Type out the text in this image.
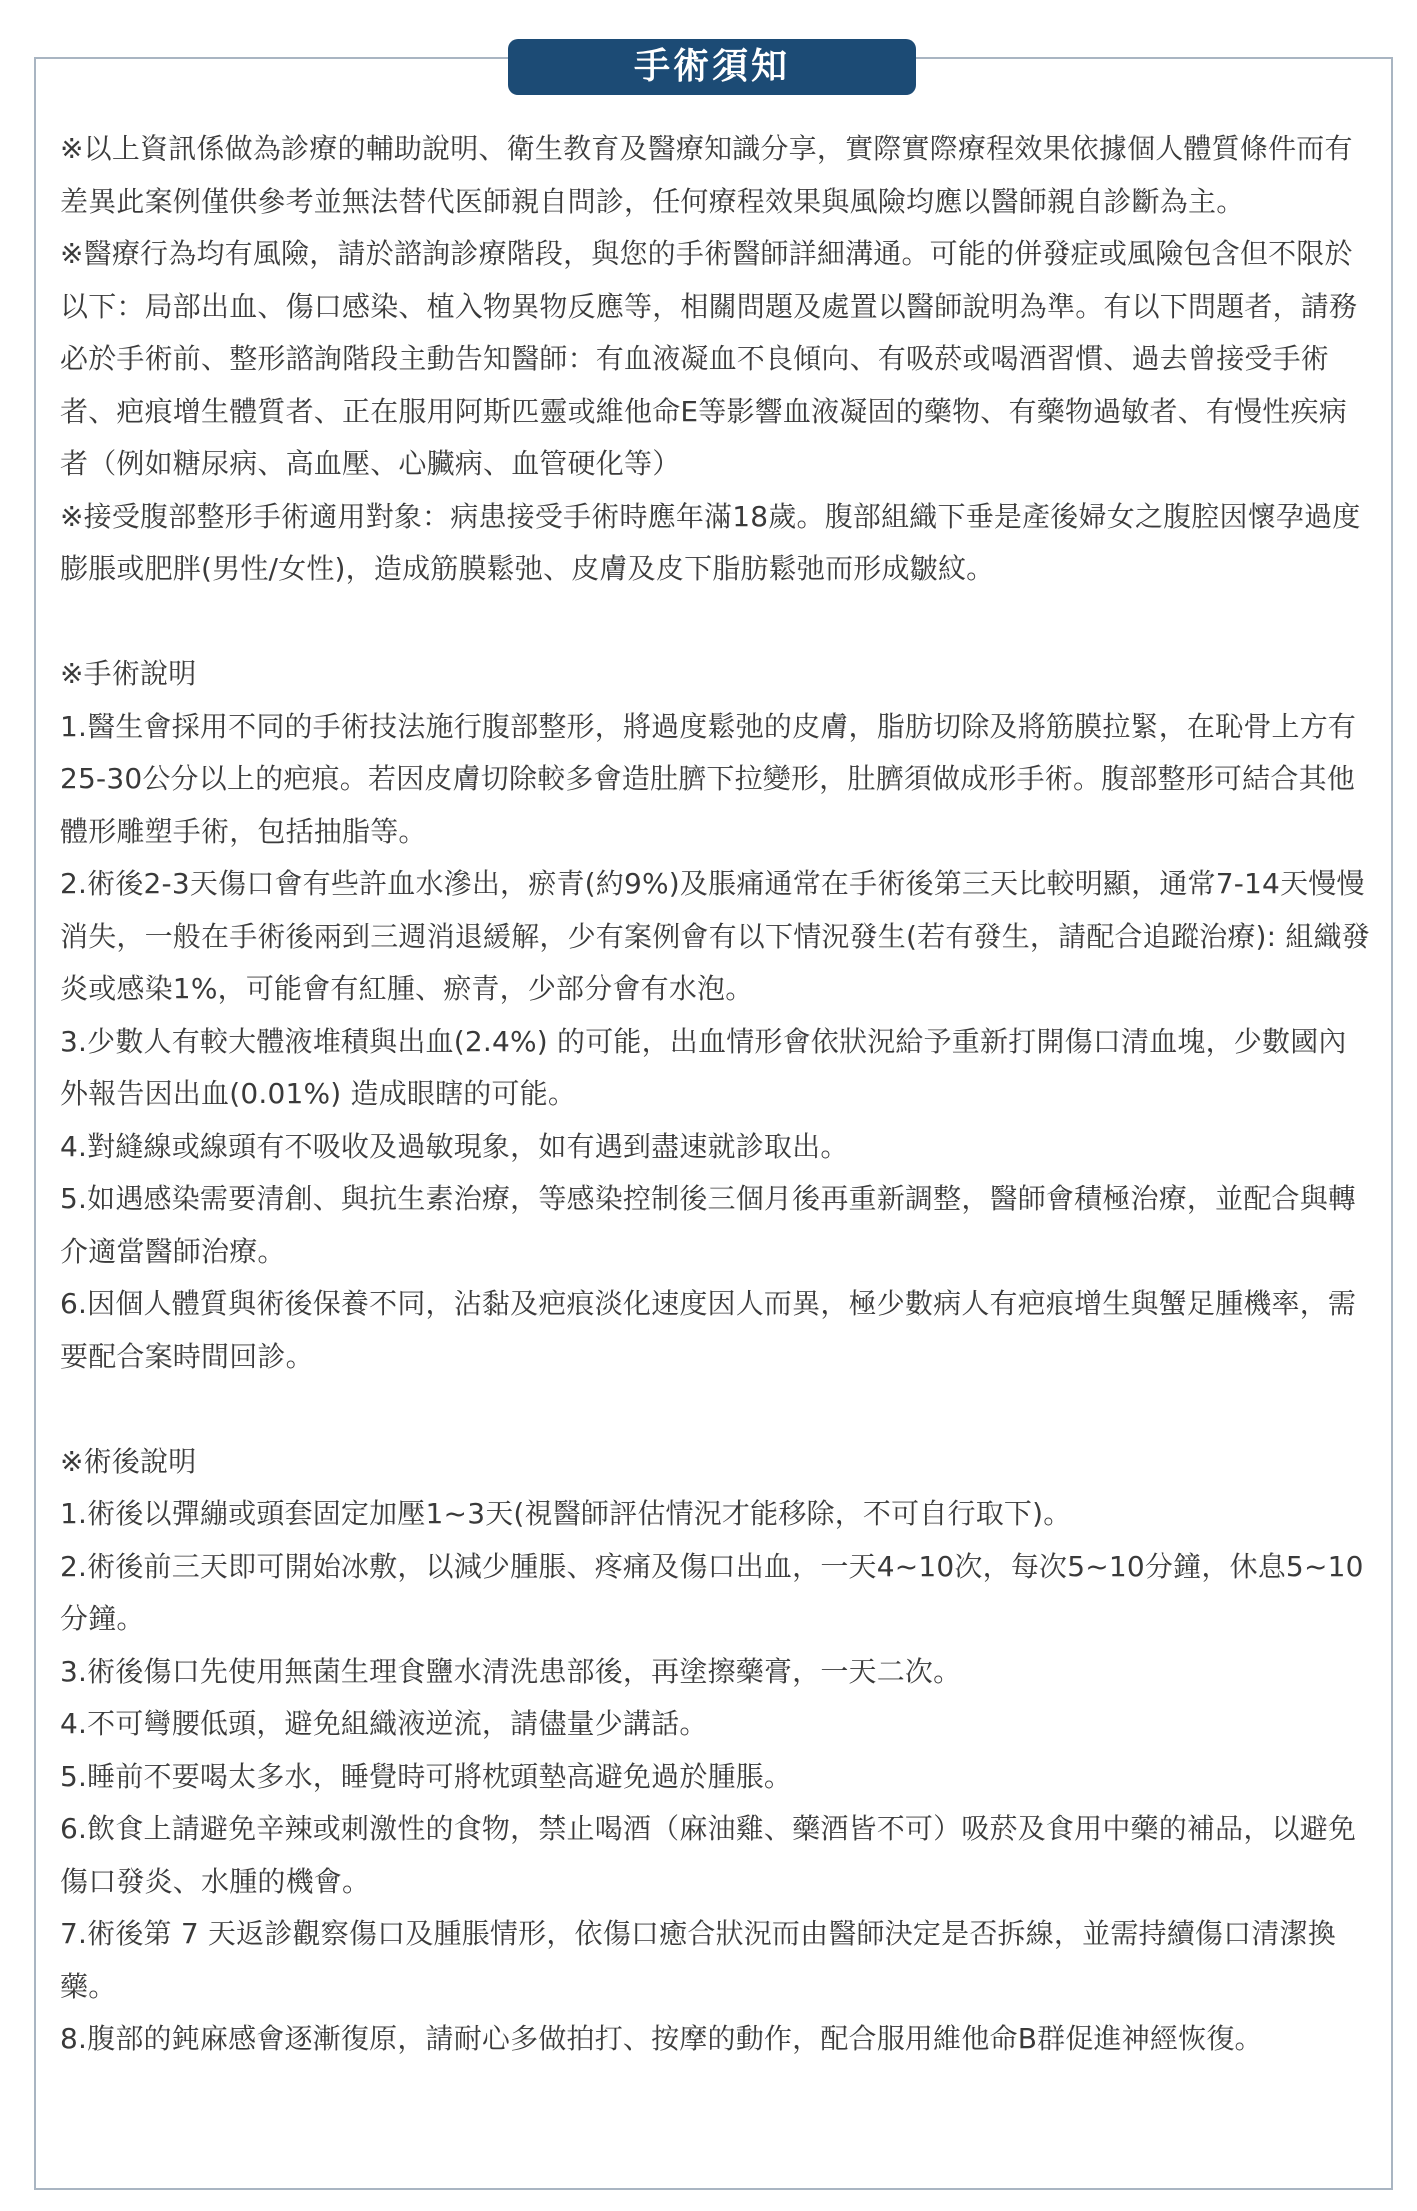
手術須知

※以上資訊係做為診療的輔助說明、衛生教育及醫療知識分享，實際實際療程效果依據個人體質條件而有差異此案例僅供參考並無法替代医師親自問診，任何療程效果與風險均應以醫師親自診斷為主。

※醫療行為均有風險，請於諮詢診療階段，與您的手術醫師詳細溝通。可能的併發症或風險包含但不限於以下：局部出血、傷口感染、植入物異物反應等，相關問題及處置以醫師說明為準。有以下問題者，請務必於手術前、整形諮詢階段主動告知醫師：有血液凝血不良傾向、有吸菸或喝酒習慣、過去曾接受手術者、疤痕增生體質者、正在服用阿斯匹靈或維他命E等影響血液凝固的藥物、有藥物過敏者、有慢性疾病者（例如糖尿病、高血壓、心臟病、血管硬化等）

※接受腹部整形手術適用對象：病患接受手術時應年滿18歲。腹部組織下垂是產後婦女之腹腔因懷孕過度膨脹或肥胖(男性/女性)，造成筋膜鬆弛、皮膚及皮下脂肪鬆弛而形成皺紋。

※手術說明

1.醫生會採用不同的手術技法施行腹部整形，將過度鬆弛的皮膚，脂肪切除及將筋膜拉緊，在恥骨上方有25-30公分以上的疤痕。若因皮膚切除較多會造肚臍下拉變形，肚臍須做成形手術。腹部整形可結合其他體形雕塑手術，包括抽脂等。

2.術後2-3天傷口會有些許血水滲出，瘀青(約9%)及脹痛通常在手術後第三天比較明顯，通常7-14天慢慢消失，一般在手術後兩到三週消退緩解，少有案例會有以下情況發生(若有發生，請配合追蹤治療): 組織發炎或感染1%，可能會有紅腫、瘀青，少部分會有水泡。

3.少數人有較大體液堆積與出血(2.4%) 的可能，出血情形會依狀況給予重新打開傷口清血塊，少數國內外報告因出血(0.01%) 造成眼瞎的可能。

4.對縫線或線頭有不吸收及過敏現象，如有遇到盡速就診取出。

5.如遇感染需要清創、與抗生素治療，等感染控制後三個月後再重新調整，醫師會積極治療，並配合與轉介適當醫師治療。

6.因個人體質與術後保養不同，沾黏及疤痕淡化速度因人而異，極少數病人有疤痕增生與蟹足腫機率，需要配合案時間回診。

※術後說明

1.術後以彈繃或頭套固定加壓1~3天(視醫師評估情況才能移除，不可自行取下)。

2.術後前三天即可開始冰敷，以減少腫脹、疼痛及傷口出血，一天4~10次，每次5~10分鐘，休息5~10分鐘。

3.術後傷口先使用無菌生理食鹽水清洗患部後，再塗擦藥膏，一天二次。

4.不可彎腰低頭，避免組織液逆流，請儘量少講話。

5.睡前不要喝太多水，睡覺時可將枕頭墊高避免過於腫脹。

6.飲食上請避免辛辣或刺激性的食物，禁止喝酒（麻油雞、藥酒皆不可）吸菸及食用中藥的補品，以避免傷口發炎、水腫的機會。

7.術後第 7 天返診觀察傷口及腫脹情形，依傷口癒合狀況而由醫師決定是否拆線，並需持續傷口清潔換藥。

8.腹部的鈍麻感會逐漸復原，請耐心多做拍打、按摩的動作，配合服用維他命B群促進神經恢復。
